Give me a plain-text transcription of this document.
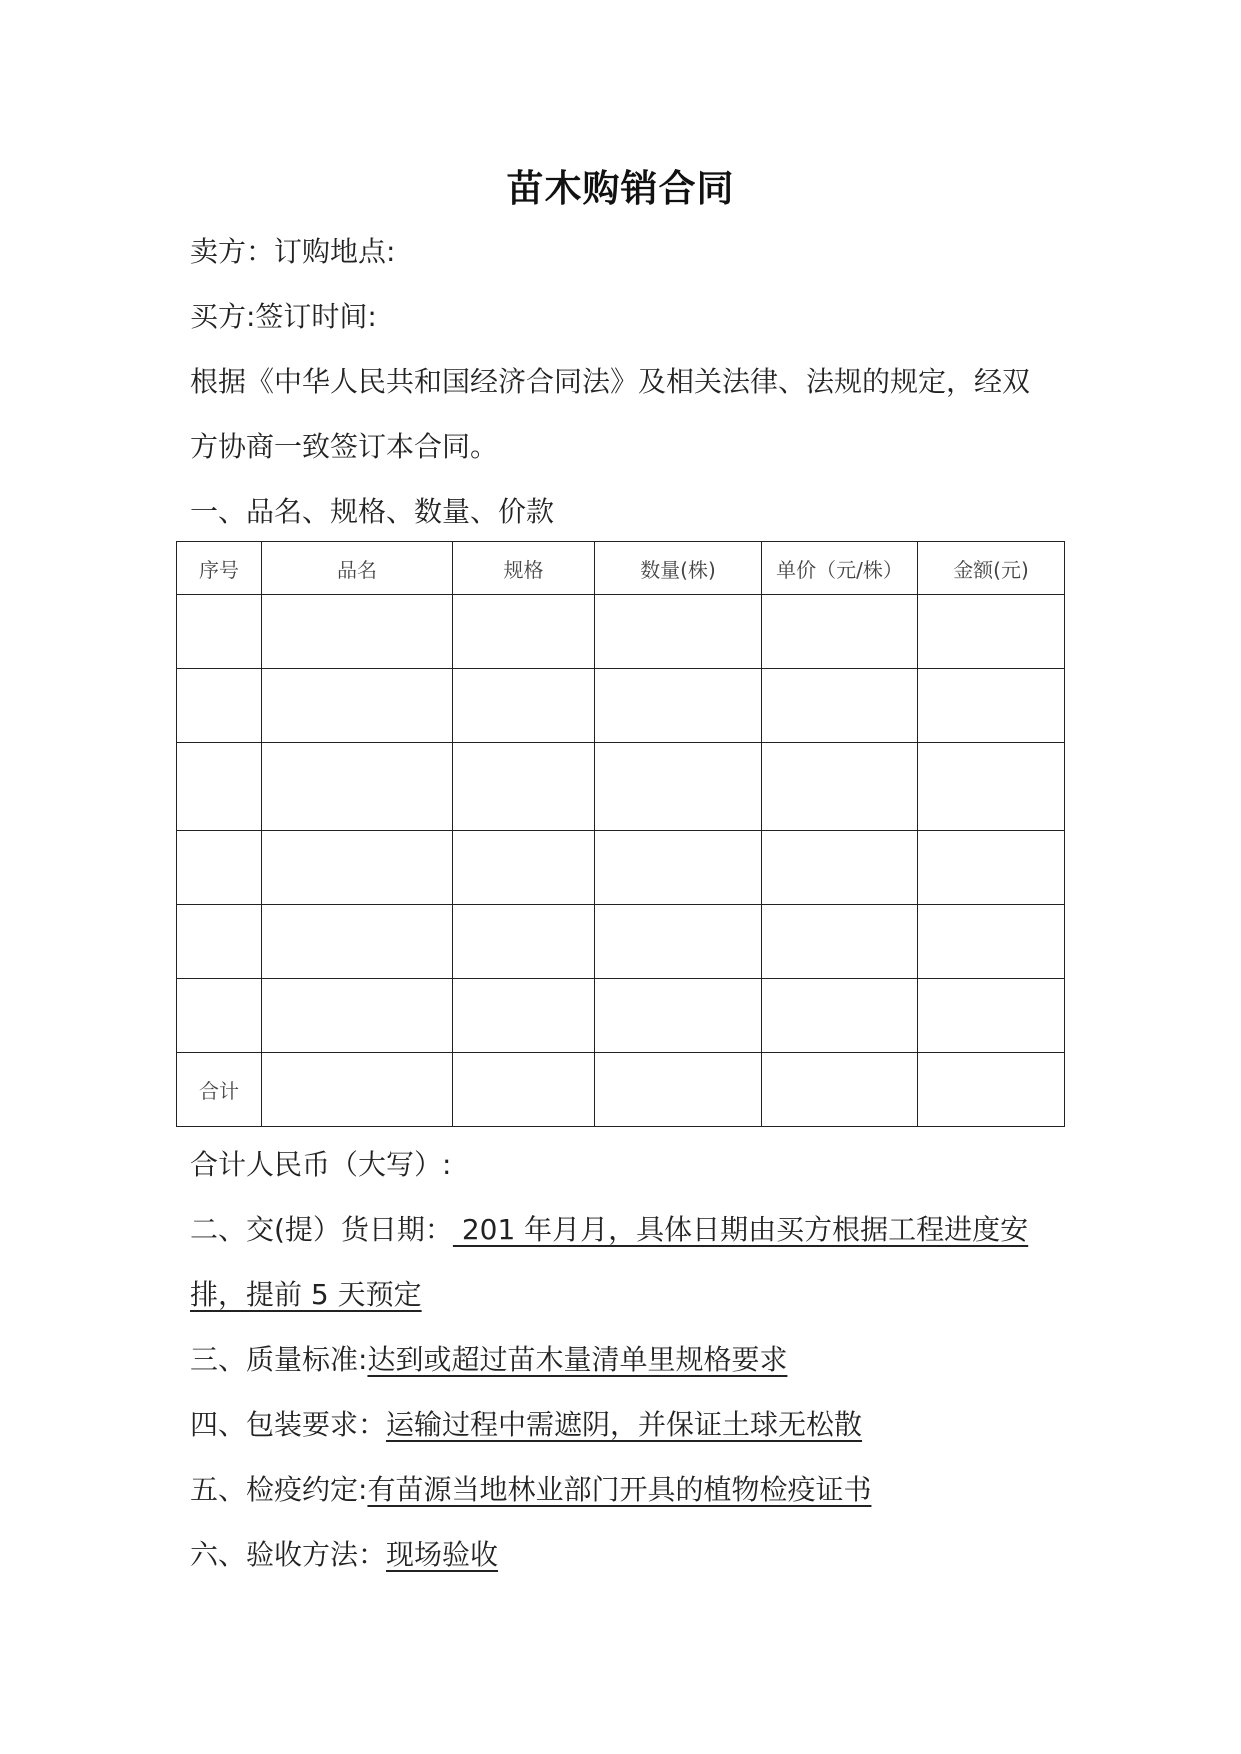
苗木购销合同
卖方：订购地点:
买方:签订时间:
根据《中华人民共和国经济合同法》及相关法律、法规的规定，经双
方协商一致签订本合同。
一、品名、规格、数量、价款
序号	品名	规格	数量(株)	单价（元/株）	金额(元)

合计					
合计人民币（大写）:
二、交(提）货日期： 201 年月月，具体日期由买方根据工程进度安
排，提前 5 天预定
三、质量标准:达到或超过苗木量清单里规格要求
四、包装要求：运输过程中需遮阴，并保证土球无松散
五、检疫约定:有苗源当地林业部门开具的植物检疫证书
六、验收方法：现场验收
